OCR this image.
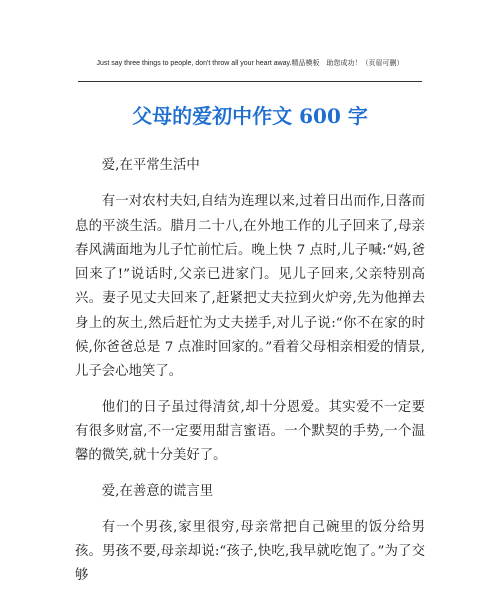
Just say three things to people, don't throw all your heart away.精品模板　助您成功！（页眉可删）
父母的爱初中作文 600 字

爱,在平常生活中

有一对农村夫妇,自结为连理以来,过着日出而作,日落而息的平淡生活。腊月二十八,在外地工作的儿子回来了,母亲春风满面地为儿子忙前忙后。晚上快 7 点时,儿子喊:“妈,爸回来了!”说话时,父亲已进家门。见儿子回来,父亲特别高兴。妻子见丈夫回来了,赶紧把丈夫拉到火炉旁,先为他掸去身上的灰土,然后赶忙为丈夫搓手,对儿子说:“你不在家的时候,你爸爸总是 7 点准时回家的。”看着父母相亲相爱的情景,儿子会心地笑了。

他们的日子虽过得清贫,却十分恩爱。其实爱不一定要有很多财富,不一定要用甜言蜜语。一个默契的手势,一个温馨的微笑,就十分美好了。

爱,在善意的谎言里

有一个男孩,家里很穷,母亲常把自己碗里的饭分给男孩。男孩不要,母亲却说:“孩子,快吃,我早就吃饱了。”为了交够
